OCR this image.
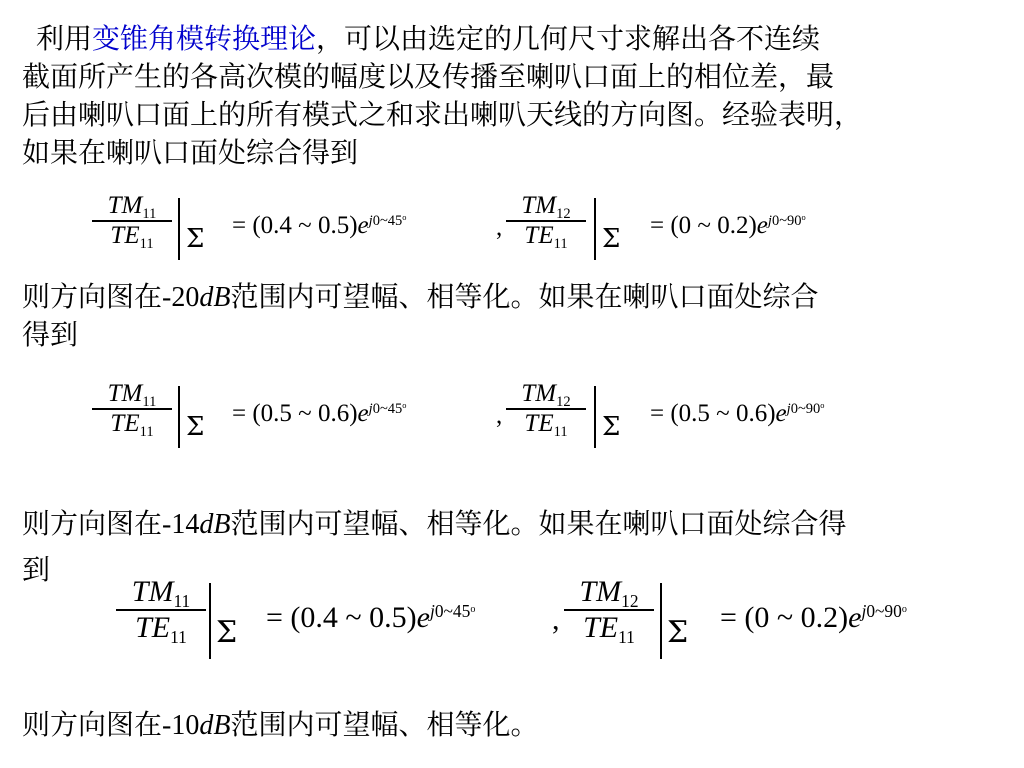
利用变锥角模转换理论，可以由选定的几何尺寸求解出各不连续
截面所产生的各高次模的幅度以及传播至喇叭口面上的相位差，最
后由喇叭口面上的所有模式之和求出喇叭天线的方向图。经验表明，
如果在喇叭口面处综合得到
$TM_{11}$
$TE_{11}$	Σ = (0.4 ~ $0.5)e^{j0\sim 45^o}$	,
$TM_{12}$
$TE_{11}$	Σ = (0 ~ $0.2)e^{j0\sim 90^o}$
则方向图在-20dB范围内可望幅、相等化。如果在喇叭口面处综合
得到
$TM_{11}$
$TE_{11}$	Σ = (0.5 ~ $0.6)e^{j0\sim 45^o}$	,
$TM_{12}$
$TE_{11}$	Σ = (0.5 ~ $0.6)e^{j0\sim 90^o}$
则方向图在-14dB范围内可望幅、相等化。如果在喇叭口面处综合得
到
$TM_{11}$
$TE_{11}$ Σ = (0.4 ~ $0.5)e^{j0\sim 45^o}$	,
$TM_{12}$
$TE_{11}$	Σ = (0 ~ $0.2)e^{j0\sim 90^o}$
则方向图在-10dB范围内可望幅、相等化。
